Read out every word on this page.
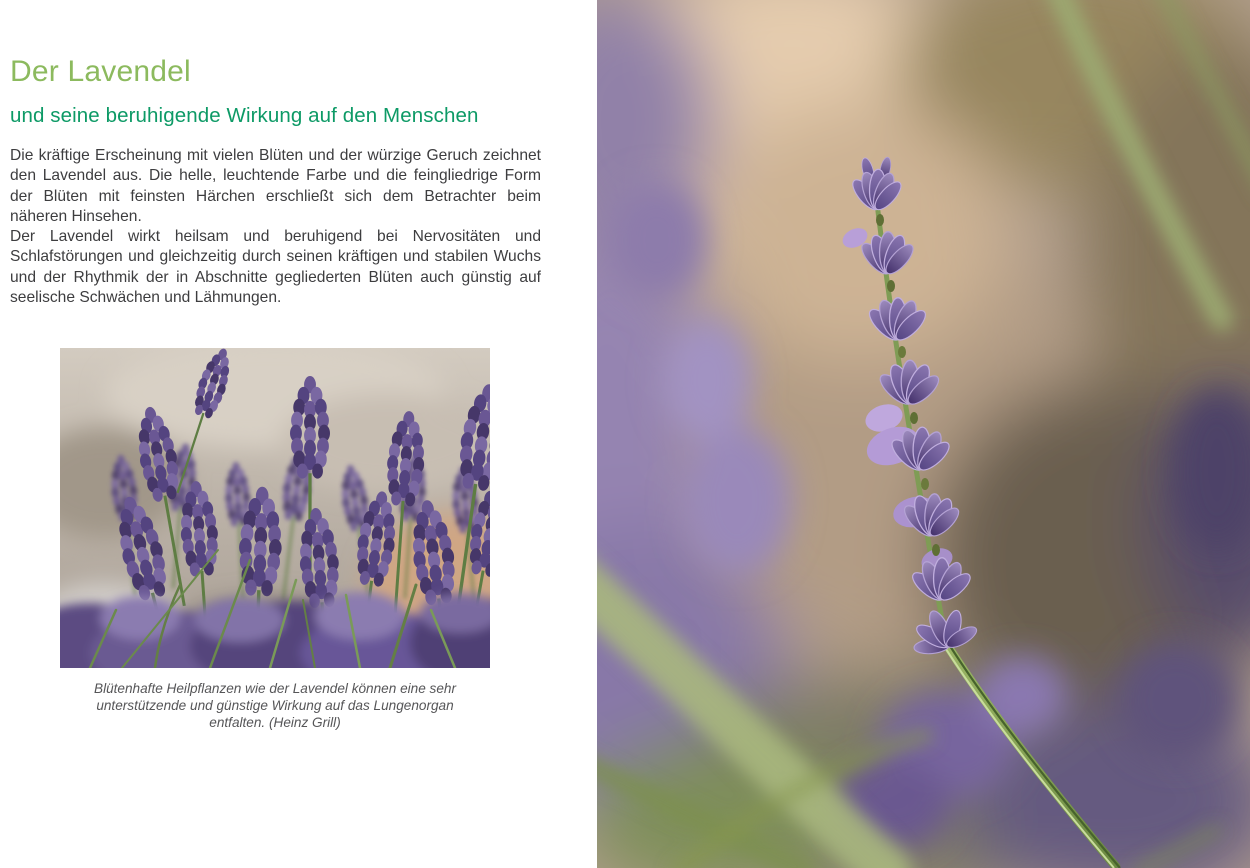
Der Lavendel
und seine beruhigende Wirkung auf den Menschen

Die kräftige Erscheinung mit vielen Blüten und der würzige Geruch zeichnet den Lavendel aus. Die helle, leuchtende Farbe und die feingliedrige Form der Blüten mit feinsten Härchen erschließt sich dem Betrachter beim näheren Hinsehen.

Der Lavendel wirkt heilsam und beruhigend bei Nervositäten und Schlafstörungen und gleichzeitig durch seinen kräftigen und stabilen Wuchs und der Rhythmik der in Abschnitte gegliederten Blüten auch günstig auf seelische Schwächen und Lähmungen.

Blütenhafte Heilpflanzen wie der Lavendel können eine sehr unterstützende und günstige Wirkung auf das Lungenorgan entfalten. (Heinz Grill)
